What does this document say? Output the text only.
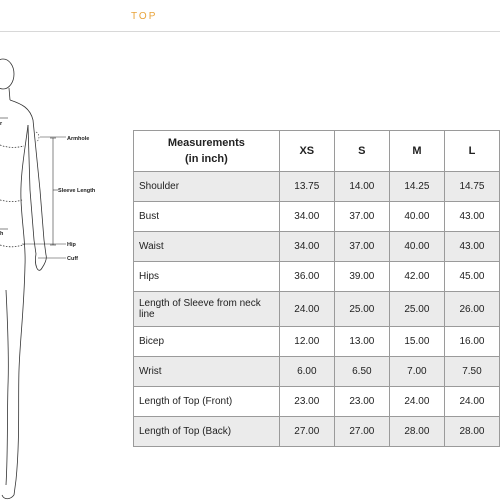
TOP
Armhole
Sleeve Length
Hip
Cuff
r
h
Measurements
(in inch)	XS	S	M	L
Shoulder	13.75	14.00	14.25	14.75
Bust	34.00	37.00	40.00	43.00
Waist	34.00	37.00	40.00	43.00
Hips	36.00	39.00	42.00	45.00
Length of Sleeve from neck line	24.00	25.00	25.00	26.00
Bicep	12.00	13.00	15.00	16.00
Wrist	6.00	6.50	7.00	7.50
Length of Top (Front)	23.00	23.00	24.00	24.00
Length of Top (Back)	27.00	27.00	28.00	28.00
